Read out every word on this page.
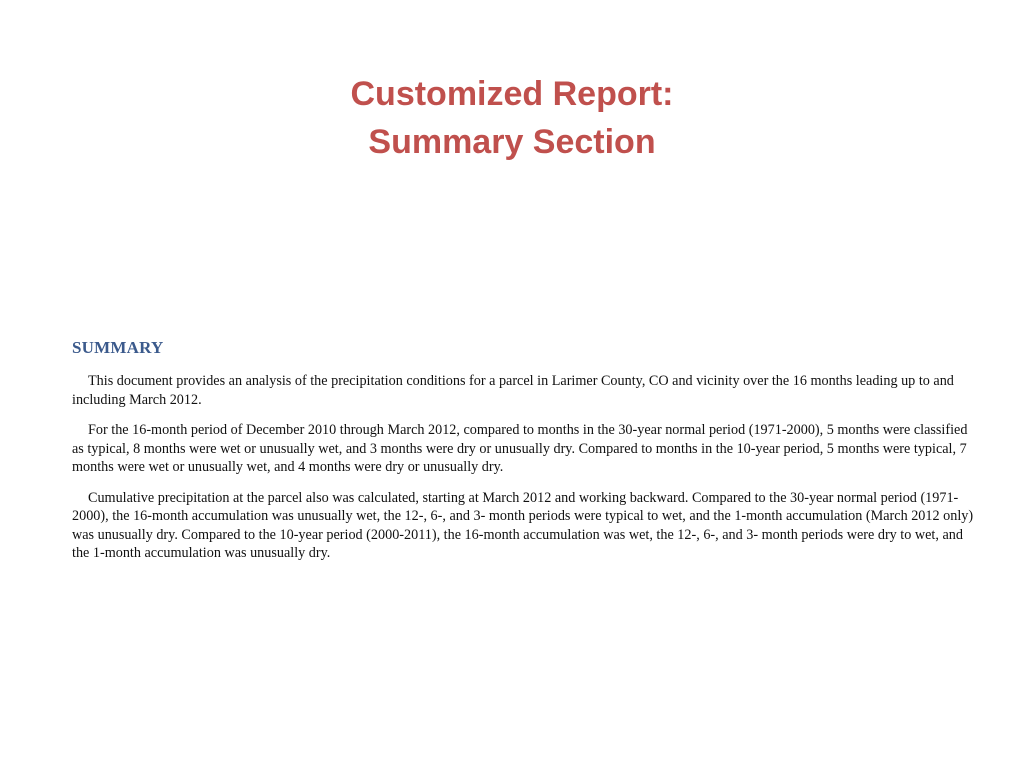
Customized Report:
Summary Section
SUMMARY

This document provides an analysis of the precipitation conditions for a parcel in Larimer County, CO and vicinity over the 16 months leading up to and including March 2012.

For the 16-month period of December 2010 through March 2012, compared to months in the 30-year normal period (1971-2000), 5 months were classified as typical, 8 months were wet or unusually wet, and 3 months were dry or unusually dry. Compared to months in the 10-year period, 5 months were typical, 7 months were wet or unusually wet, and 4 months were dry or unusually dry.

Cumulative precipitation at the parcel also was calculated, starting at March 2012 and working backward. Compared to the 30-year normal period (1971-2000), the 16-month accumulation was unusually wet, the 12-, 6-, and 3- month periods were typical to wet, and the 1-month accumulation (March 2012 only) was unusually dry. Compared to the 10-year period (2000-2011), the 16-month accumulation was wet, the 12-, 6-, and 3- month periods were dry to wet, and the 1-month accumulation was unusually dry.
